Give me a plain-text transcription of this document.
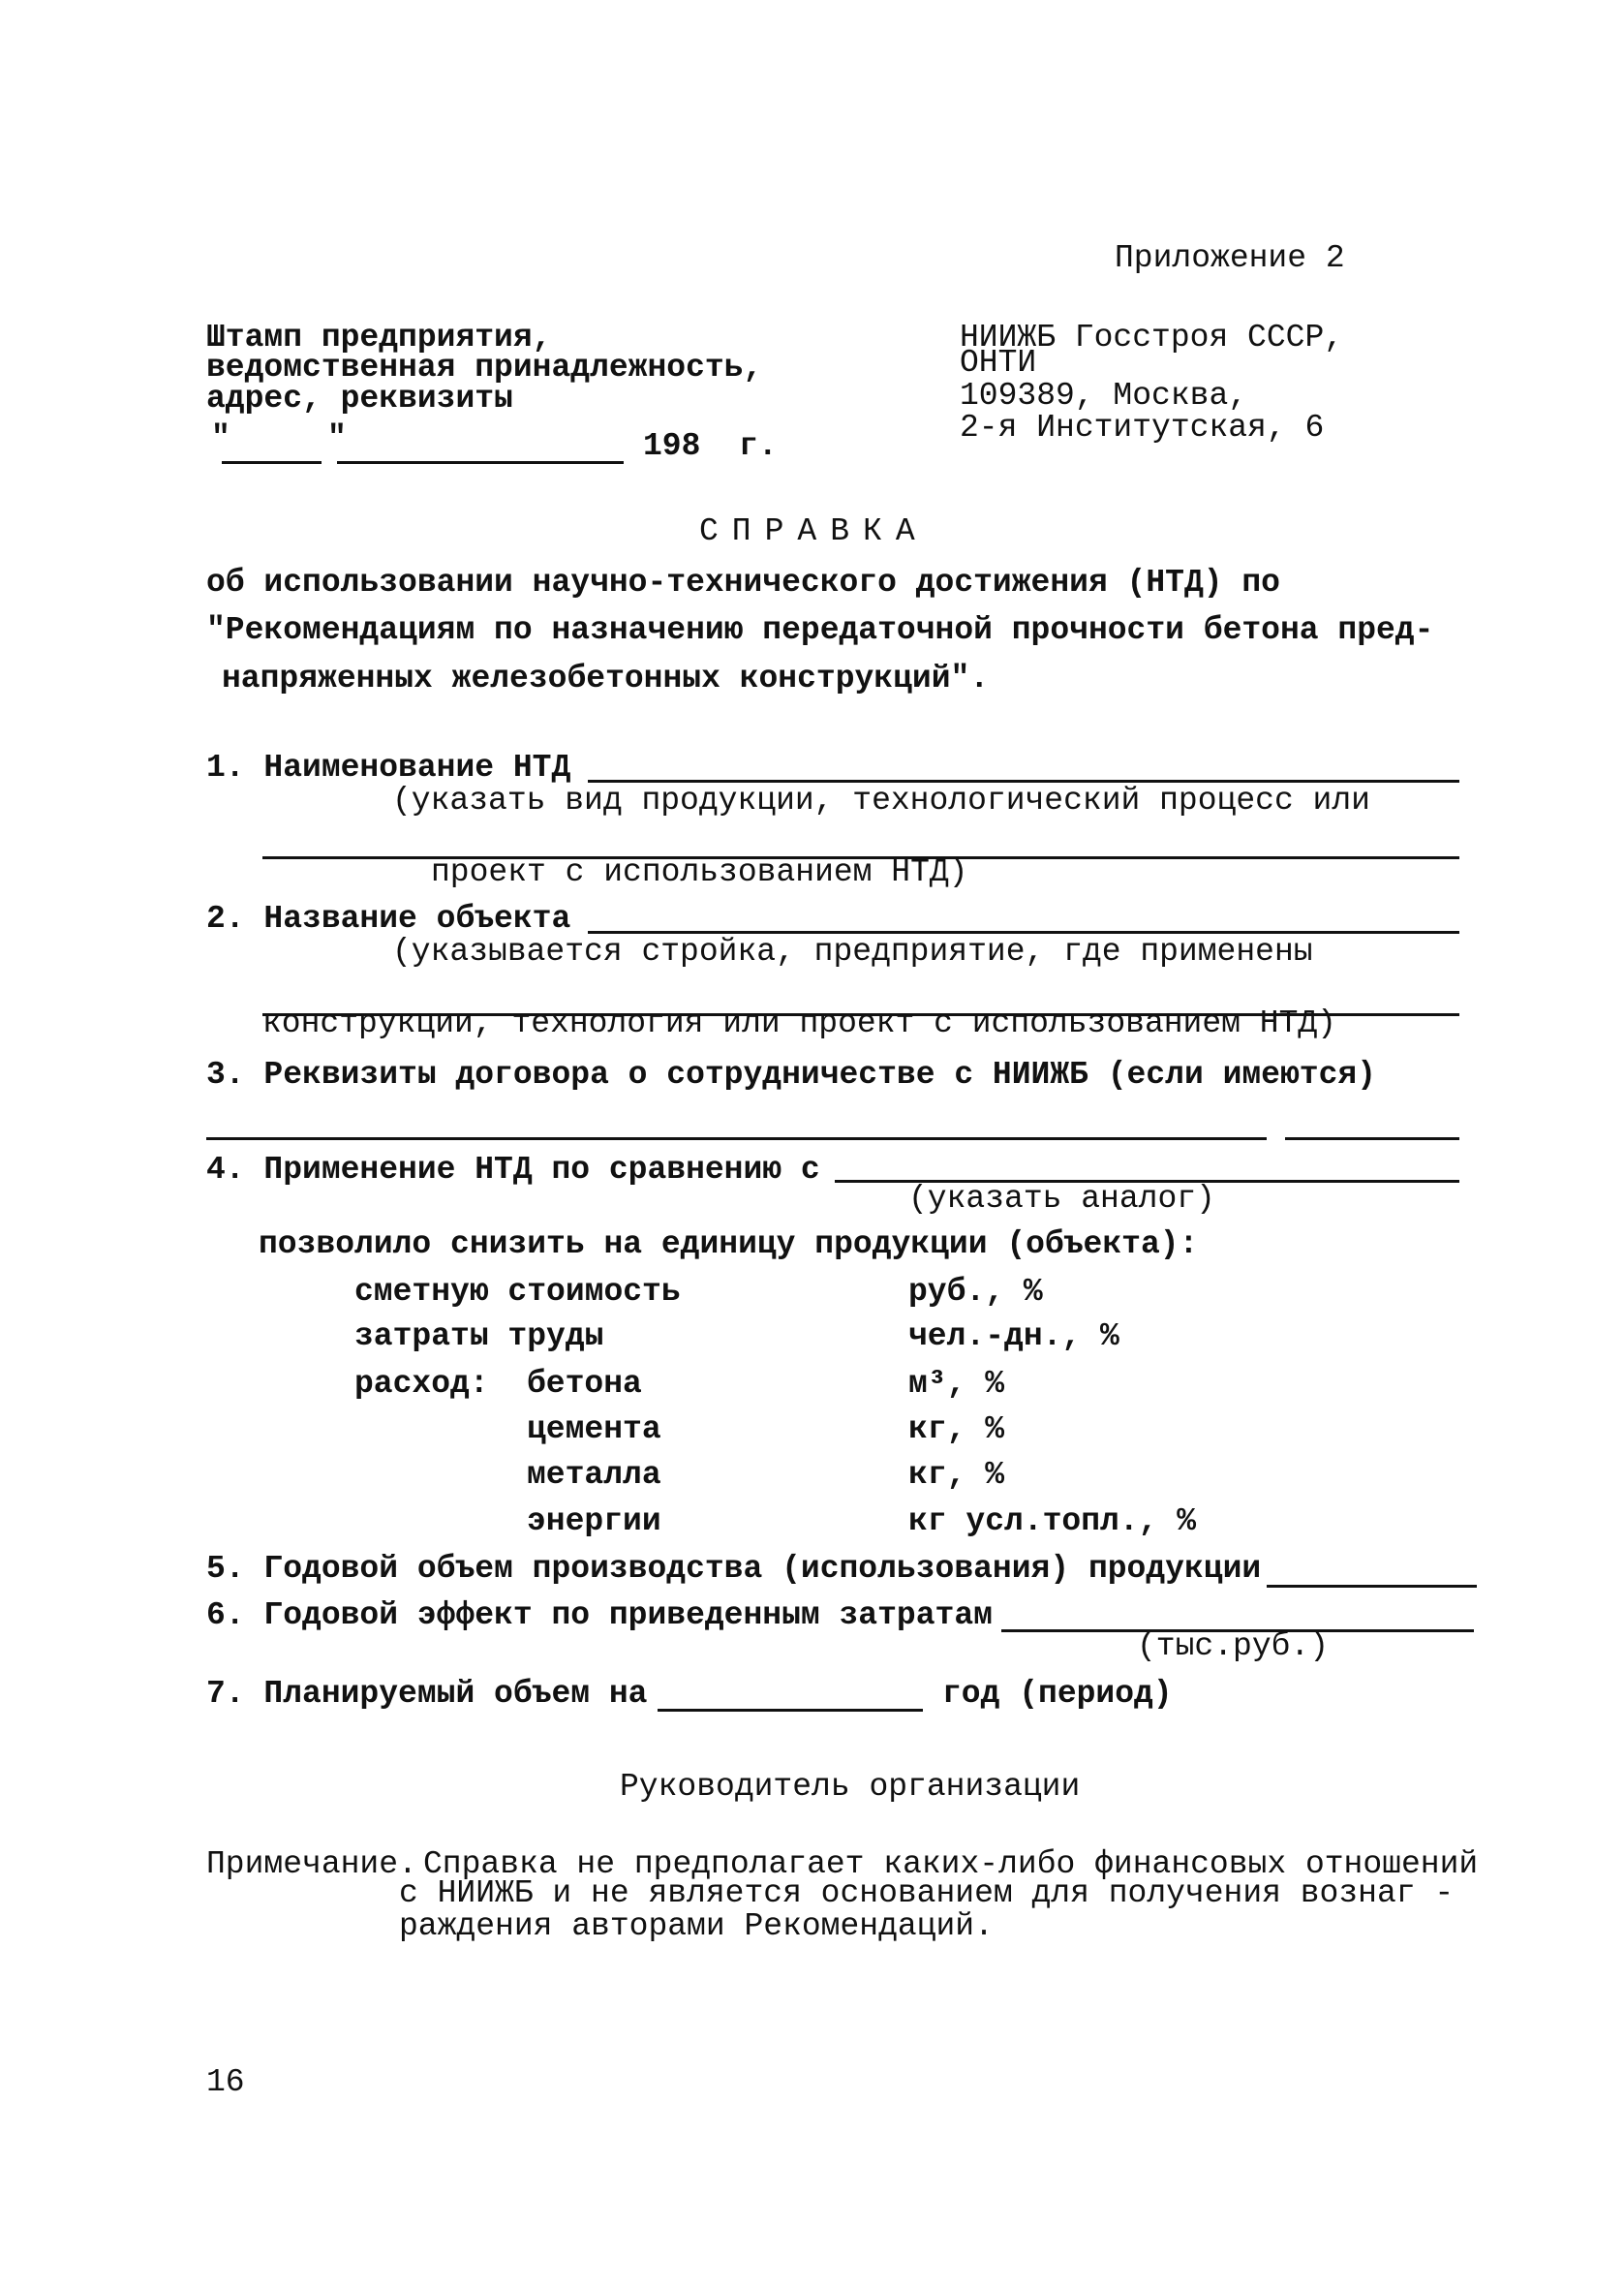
Приложение 2
Штамп предприятия,
ведомственная принадлежность,
адрес, реквизиты
"	"	198  г.
НИИЖБ Госстроя СССР,
ОНТИ
109389, Москва,
2-я Институтская, 6
СПРАВКА
об использовании научно-технического достижения (НТД) по
"Рекомендациям по назначению передаточной прочности бетона пред-
напряженных железобетонных конструкций".
1. Наименование НТД
(указать вид продукции, технологический процесс или
проект с использованием НТД)
2. Название объекта
(указывается стройка, предприятие, где применены
конструкции, технология или проект с использованием НТД)
3. Реквизиты договора о сотрудничестве с НИИЖБ (если имеются)
4. Применение НТД по сравнению с
(указать аналог)
позволило снизить на единицу продукции (объекта):
сметную стоимость	руб., %
затраты труды	чел.-дн., %
расход: бетона	м³, %
цемента	кг, %
металла	кг, %
энергии	кг усл.топл., %
5. Годовой объем производства (использования) продукции
6. Годовой эффект по приведенным затратам
(тыс.руб.)
7. Планируемый объем на	год (период)
Руководитель организации
Примечание. Справка не предполагает каких-либо финансовых отношений
с НИИЖБ и не является основанием для получения вознаг -
раждения авторами Рекомендаций.
16
